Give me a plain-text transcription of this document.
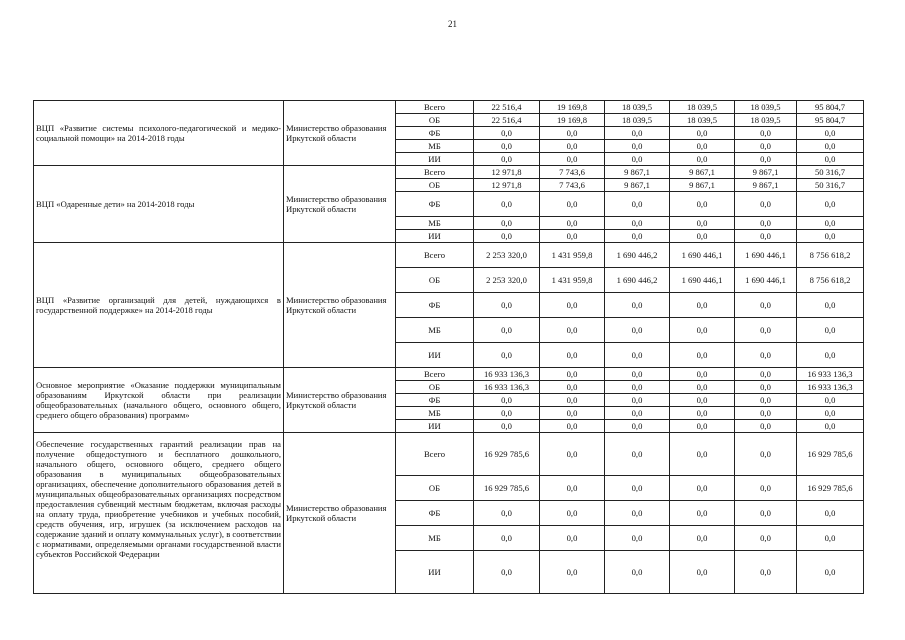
21
ВЦП «Развитие системы психолого-педагогической и медико-социальной помощи» на 2014-2018 годы	Министерство образования Иркутской области	Всего	22 516,4	19 169,8	18 039,5	18 039,5	18 039,5	95 804,7
		ОБ	22 516,4	19 169,8	18 039,5	18 039,5	18 039,5	95 804,7
		ФБ	0,0	0,0	0,0	0,0	0,0	0,0
		МБ	0,0	0,0	0,0	0,0	0,0	0,0
		ИИ	0,0	0,0	0,0	0,0	0,0	0,0
ВЦП «Одаренные дети» на 2014-2018 годы	Министерство образования Иркутской области	Всего	12 971,8	7 743,6	9 867,1	9 867,1	9 867,1	50 316,7
		ОБ	12 971,8	7 743,6	9 867,1	9 867,1	9 867,1	50 316,7
		ФБ	0,0	0,0	0,0	0,0	0,0	0,0
		МБ	0,0	0,0	0,0	0,0	0,0	0,0
		ИИ	0,0	0,0	0,0	0,0	0,0	0,0
ВЦП «Развитие организаций для детей, нуждающихся в государственной поддержке» на 2014-2018 годы	Министерство образования Иркутской области	Всего	2 253 320,0	1 431 959,8	1 690 446,2	1 690 446,1	1 690 446,1	8 756 618,2
		ОБ	2 253 320,0	1 431 959,8	1 690 446,2	1 690 446,1	1 690 446,1	8 756 618,2
		ФБ	0,0	0,0	0,0	0,0	0,0	0,0
		МБ	0,0	0,0	0,0	0,0	0,0	0,0
		ИИ	0,0	0,0	0,0	0,0	0,0	0,0
Основное мероприятие «Оказание поддержки муниципальным образованиям Иркутской области при реализации общеобразовательных (начального общего, основного общего, среднего общего образования) программ»	Министерство образования Иркутской области	Всего	16 933 136,3	0,0	0,0	0,0	0,0	16 933 136,3
		ОБ	16 933 136,3	0,0	0,0	0,0	0,0	16 933 136,3
		ФБ	0,0	0,0	0,0	0,0	0,0	0,0
		МБ	0,0	0,0	0,0	0,0	0,0	0,0
		ИИ	0,0	0,0	0,0	0,0	0,0	0,0
Обеспечение государственных гарантий реализации прав на получение общедоступного и бесплатного дошкольного, начального общего, основного общего, среднего общего образования в муниципальных общеобразовательных организациях, обеспечение дополнительного образования детей в муниципальных общеобразовательных организациях посредством предоставления субвенций местным бюджетам, включая расходы на оплату труда, приобретение учебников и учебных пособий, средств обучения, игр, игрушек (за исключением расходов на содержание зданий и оплату коммунальных услуг), в соответствии с нормативами, определяемыми органами государственной власти субъектов Российской Федерации	Министерство образования Иркутской области	Всего	16 929 785,6	0,0	0,0	0,0	0,0	16 929 785,6
		ОБ	16 929 785,6	0,0	0,0	0,0	0,0	16 929 785,6
		ФБ	0,0	0,0	0,0	0,0	0,0	0,0
		МБ	0,0	0,0	0,0	0,0	0,0	0,0
		ИИ	0,0	0,0	0,0	0,0	0,0	0,0
